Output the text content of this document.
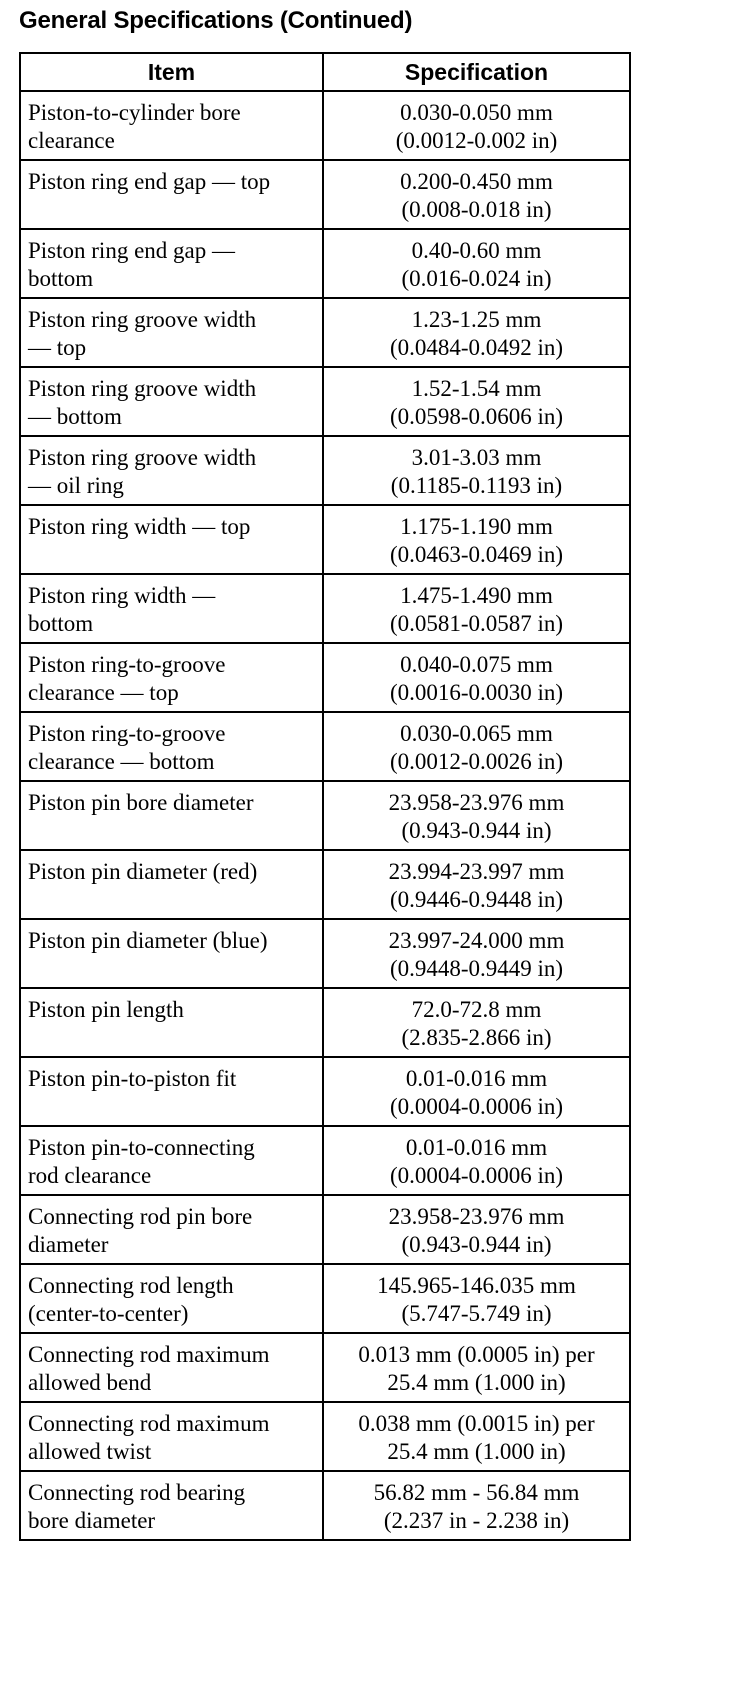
General Specifications (Continued)
Item	Specification

Piston-to-cylinder bore
clearance	0.030-0.050 mm
(0.0012-0.002 in)

Piston ring end gap — top	0.200-0.450 mm
(0.008-0.018 in)

Piston ring end gap —
bottom	0.40-0.60 mm
(0.016-0.024 in)

Piston ring groove width
— top	1.23-1.25 mm
(0.0484-0.0492 in)

Piston ring groove width
— bottom	1.52-1.54 mm
(0.0598-0.0606 in)

Piston ring groove width
— oil ring	3.01-3.03 mm
(0.1185-0.1193 in)

Piston ring width — top	1.175-1.190 mm
(0.0463-0.0469 in)

Piston ring width —
bottom	1.475-1.490 mm
(0.0581-0.0587 in)

Piston ring-to-groove
clearance — top	0.040-0.075 mm
(0.0016-0.0030 in)

Piston ring-to-groove
clearance — bottom	0.030-0.065 mm
(0.0012-0.0026 in)

Piston pin bore diameter	23.958-23.976 mm
(0.943-0.944 in)

Piston pin diameter (red)	23.994-23.997 mm
(0.9446-0.9448 in)

Piston pin diameter (blue)	23.997-24.000 mm
(0.9448-0.9449 in)

Piston pin length	72.0-72.8 mm
(2.835-2.866 in)

Piston pin-to-piston fit	0.01-0.016 mm
(0.0004-0.0006 in)

Piston pin-to-connecting
rod clearance	0.01-0.016 mm
(0.0004-0.0006 in)

Connecting rod pin bore
diameter	23.958-23.976 mm
(0.943-0.944 in)

Connecting rod length
(center-to-center)	145.965-146.035 mm
(5.747-5.749 in)

Connecting rod maximum
allowed bend	0.013 mm (0.0005 in) per
25.4 mm (1.000 in)

Connecting rod maximum
allowed twist	0.038 mm (0.0015 in) per
25.4 mm (1.000 in)

Connecting rod bearing
bore diameter	56.82 mm - 56.84 mm
(2.237 in - 2.238 in)
